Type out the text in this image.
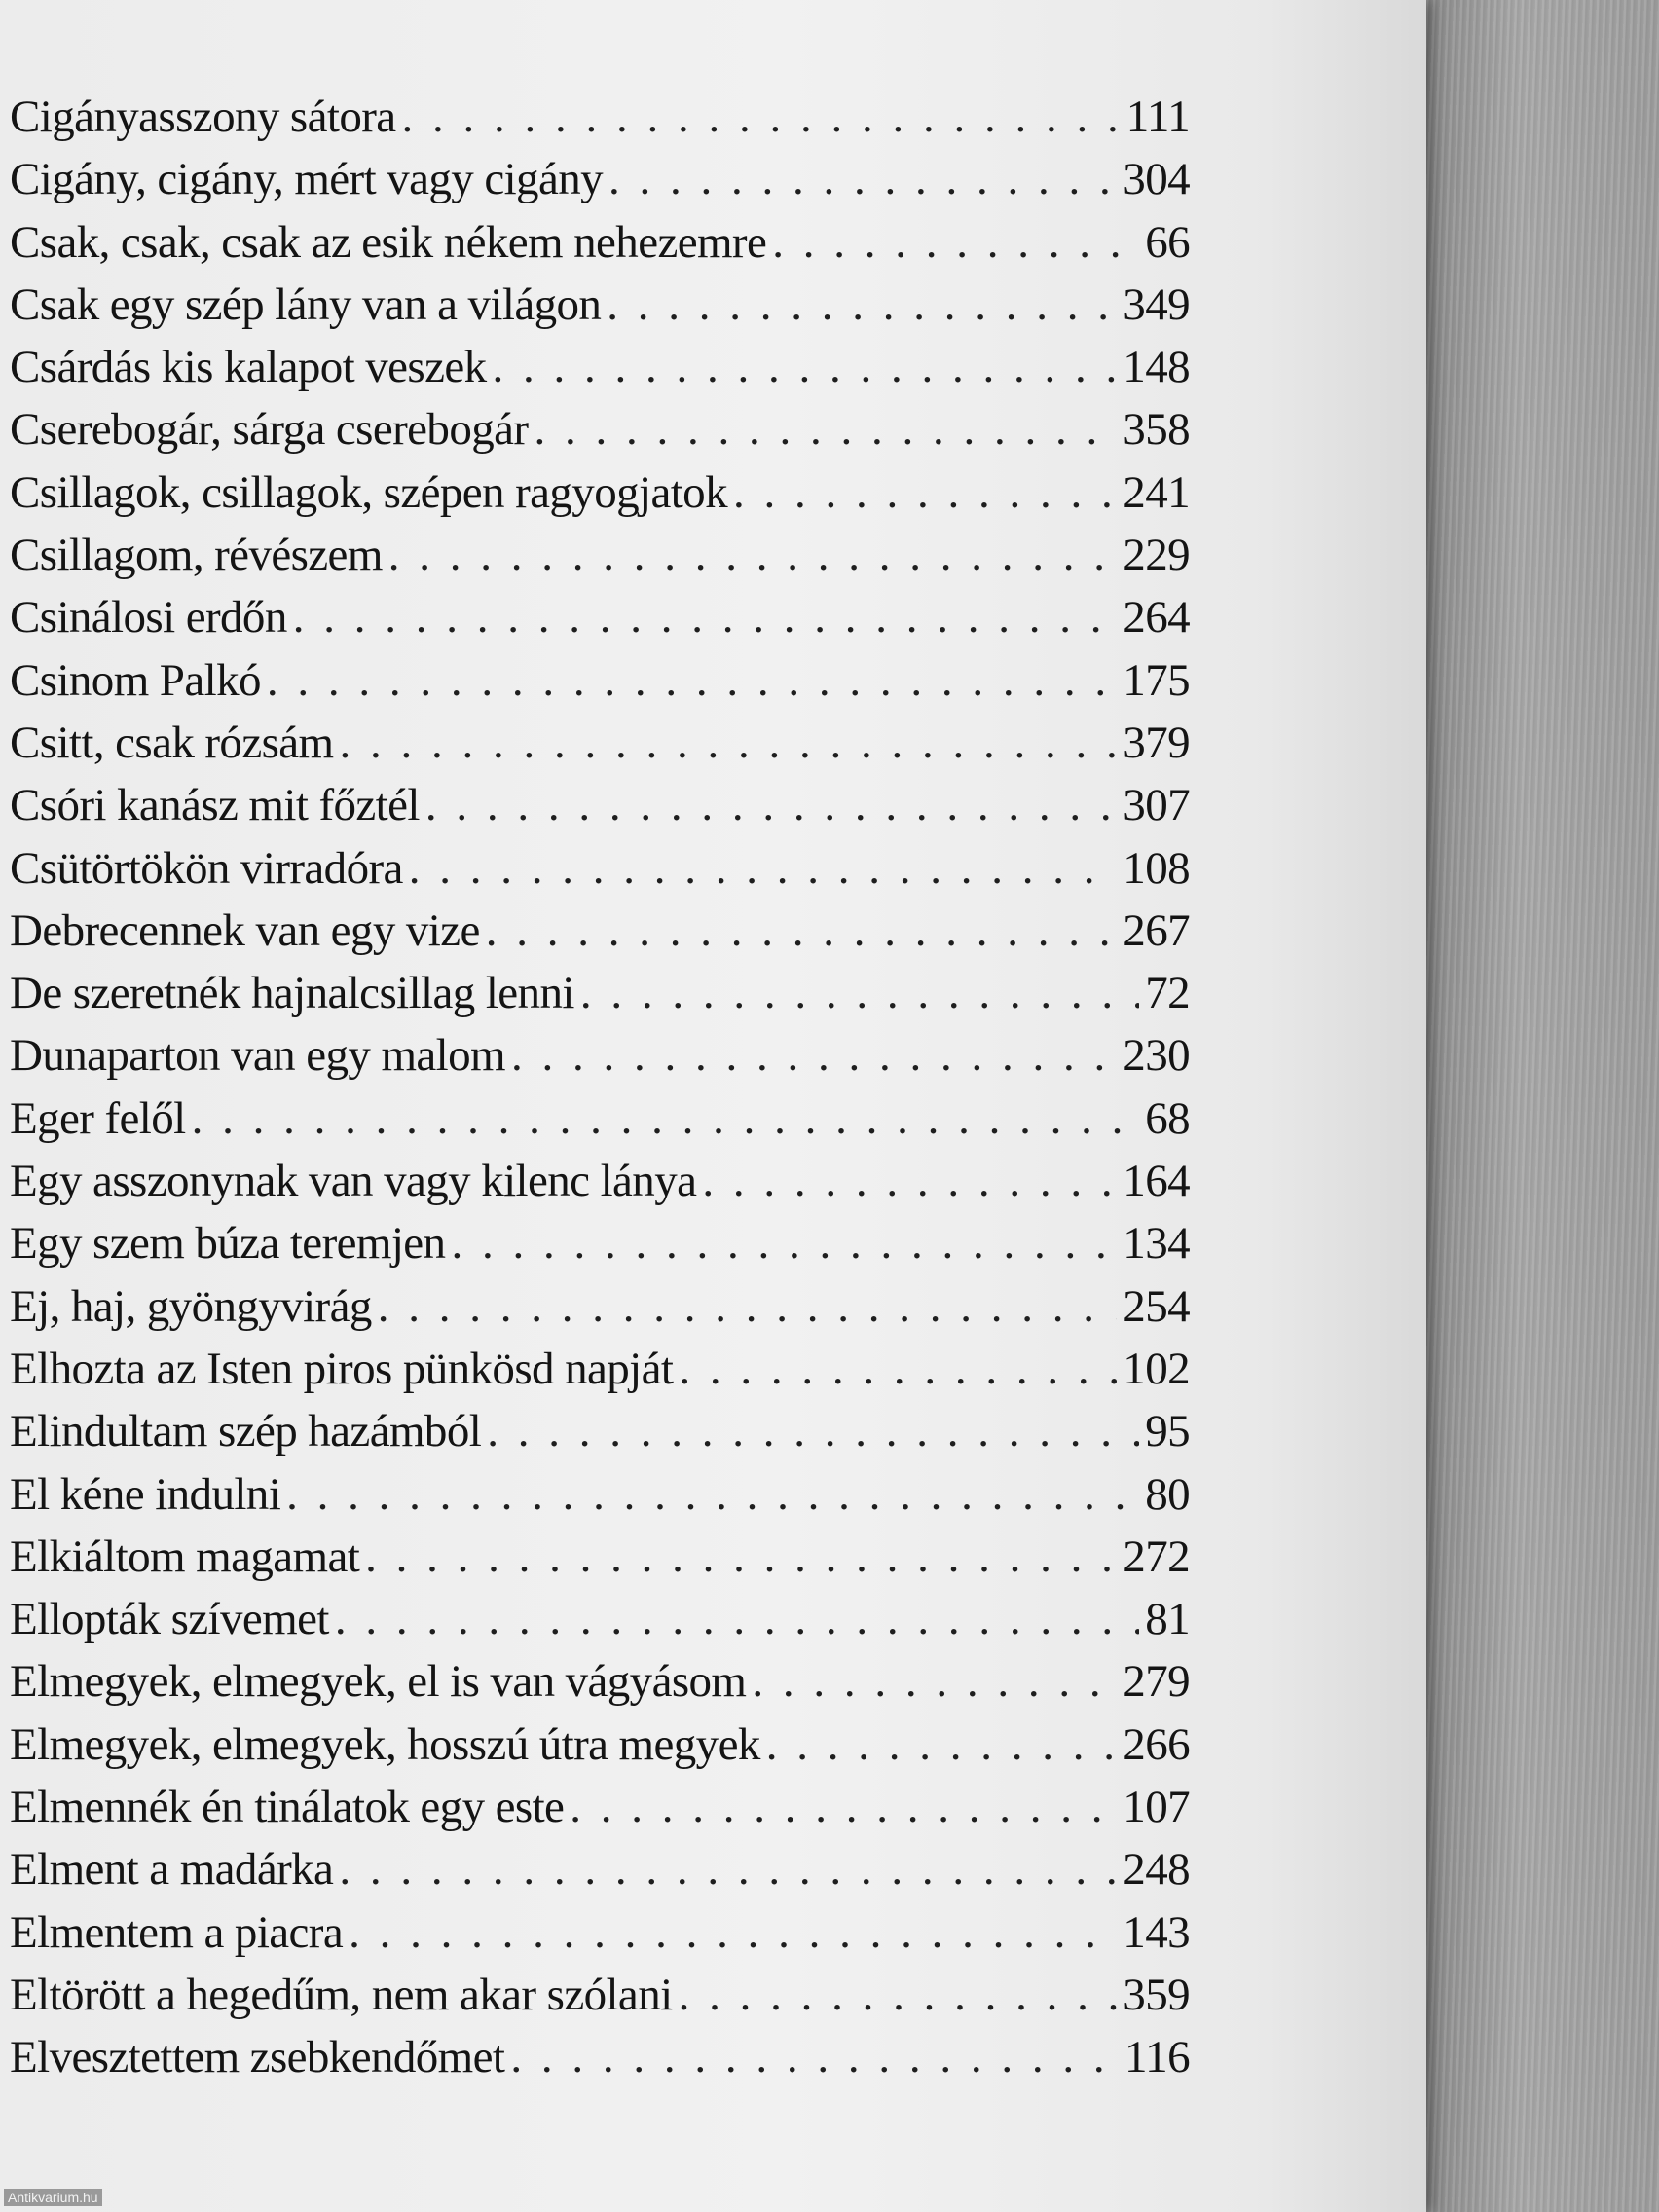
Cigányasszony sátora . . .	111
Cigány, cigány, mért vagy cigány . . .	304
Csak, csak, csak az esik nékem nehezemre . . .	66
Csak egy szép lány van a világon . . .	349
Csárdás kis kalapot veszek . . .	148
Cserebogár, sárga cserebogár . . .	358
Csillagok, csillagok, szépen ragyogjatok . . .	241
Csillagom, révészem . . .	229
Csinálosi erdőn . . .	264
Csinom Palkó . . .	175
Csitt, csak rózsám . . .	379
Csóri kanász mit főztél . . .	307
Csütörtökön virradóra . . .	108
Debrecennek van egy vize . . .	267
De szeretnék hajnalcsillag lenni . . .	72
Dunaparton van egy malom . . .	230
Eger felől . . .	68
Egy asszonynak van vagy kilenc lánya . . .	164
Egy szem búza teremjen . . .	134
Ej, haj, gyöngyvirág . . .	254
Elhozta az Isten piros pünkösd napját . . .	102
Elindultam szép hazámból . . .	95
El kéne indulni . . .	80
Elkiáltom magamat . . .	272
Ellopták szívemet . . .	81
Elmegyek, elmegyek, el is van vágyásom . . .	279
Elmegyek, elmegyek, hosszú útra megyek . . .	266
Elmennék én tinálatok egy este . . .	107
Elment a madárka . . .	248
Elmentem a piacra . . .	143
Eltörött a hegedűm, nem akar szólani . . .	359
Elvesztettem zsebkendőmet . . .	116
Antikvarium.hu
